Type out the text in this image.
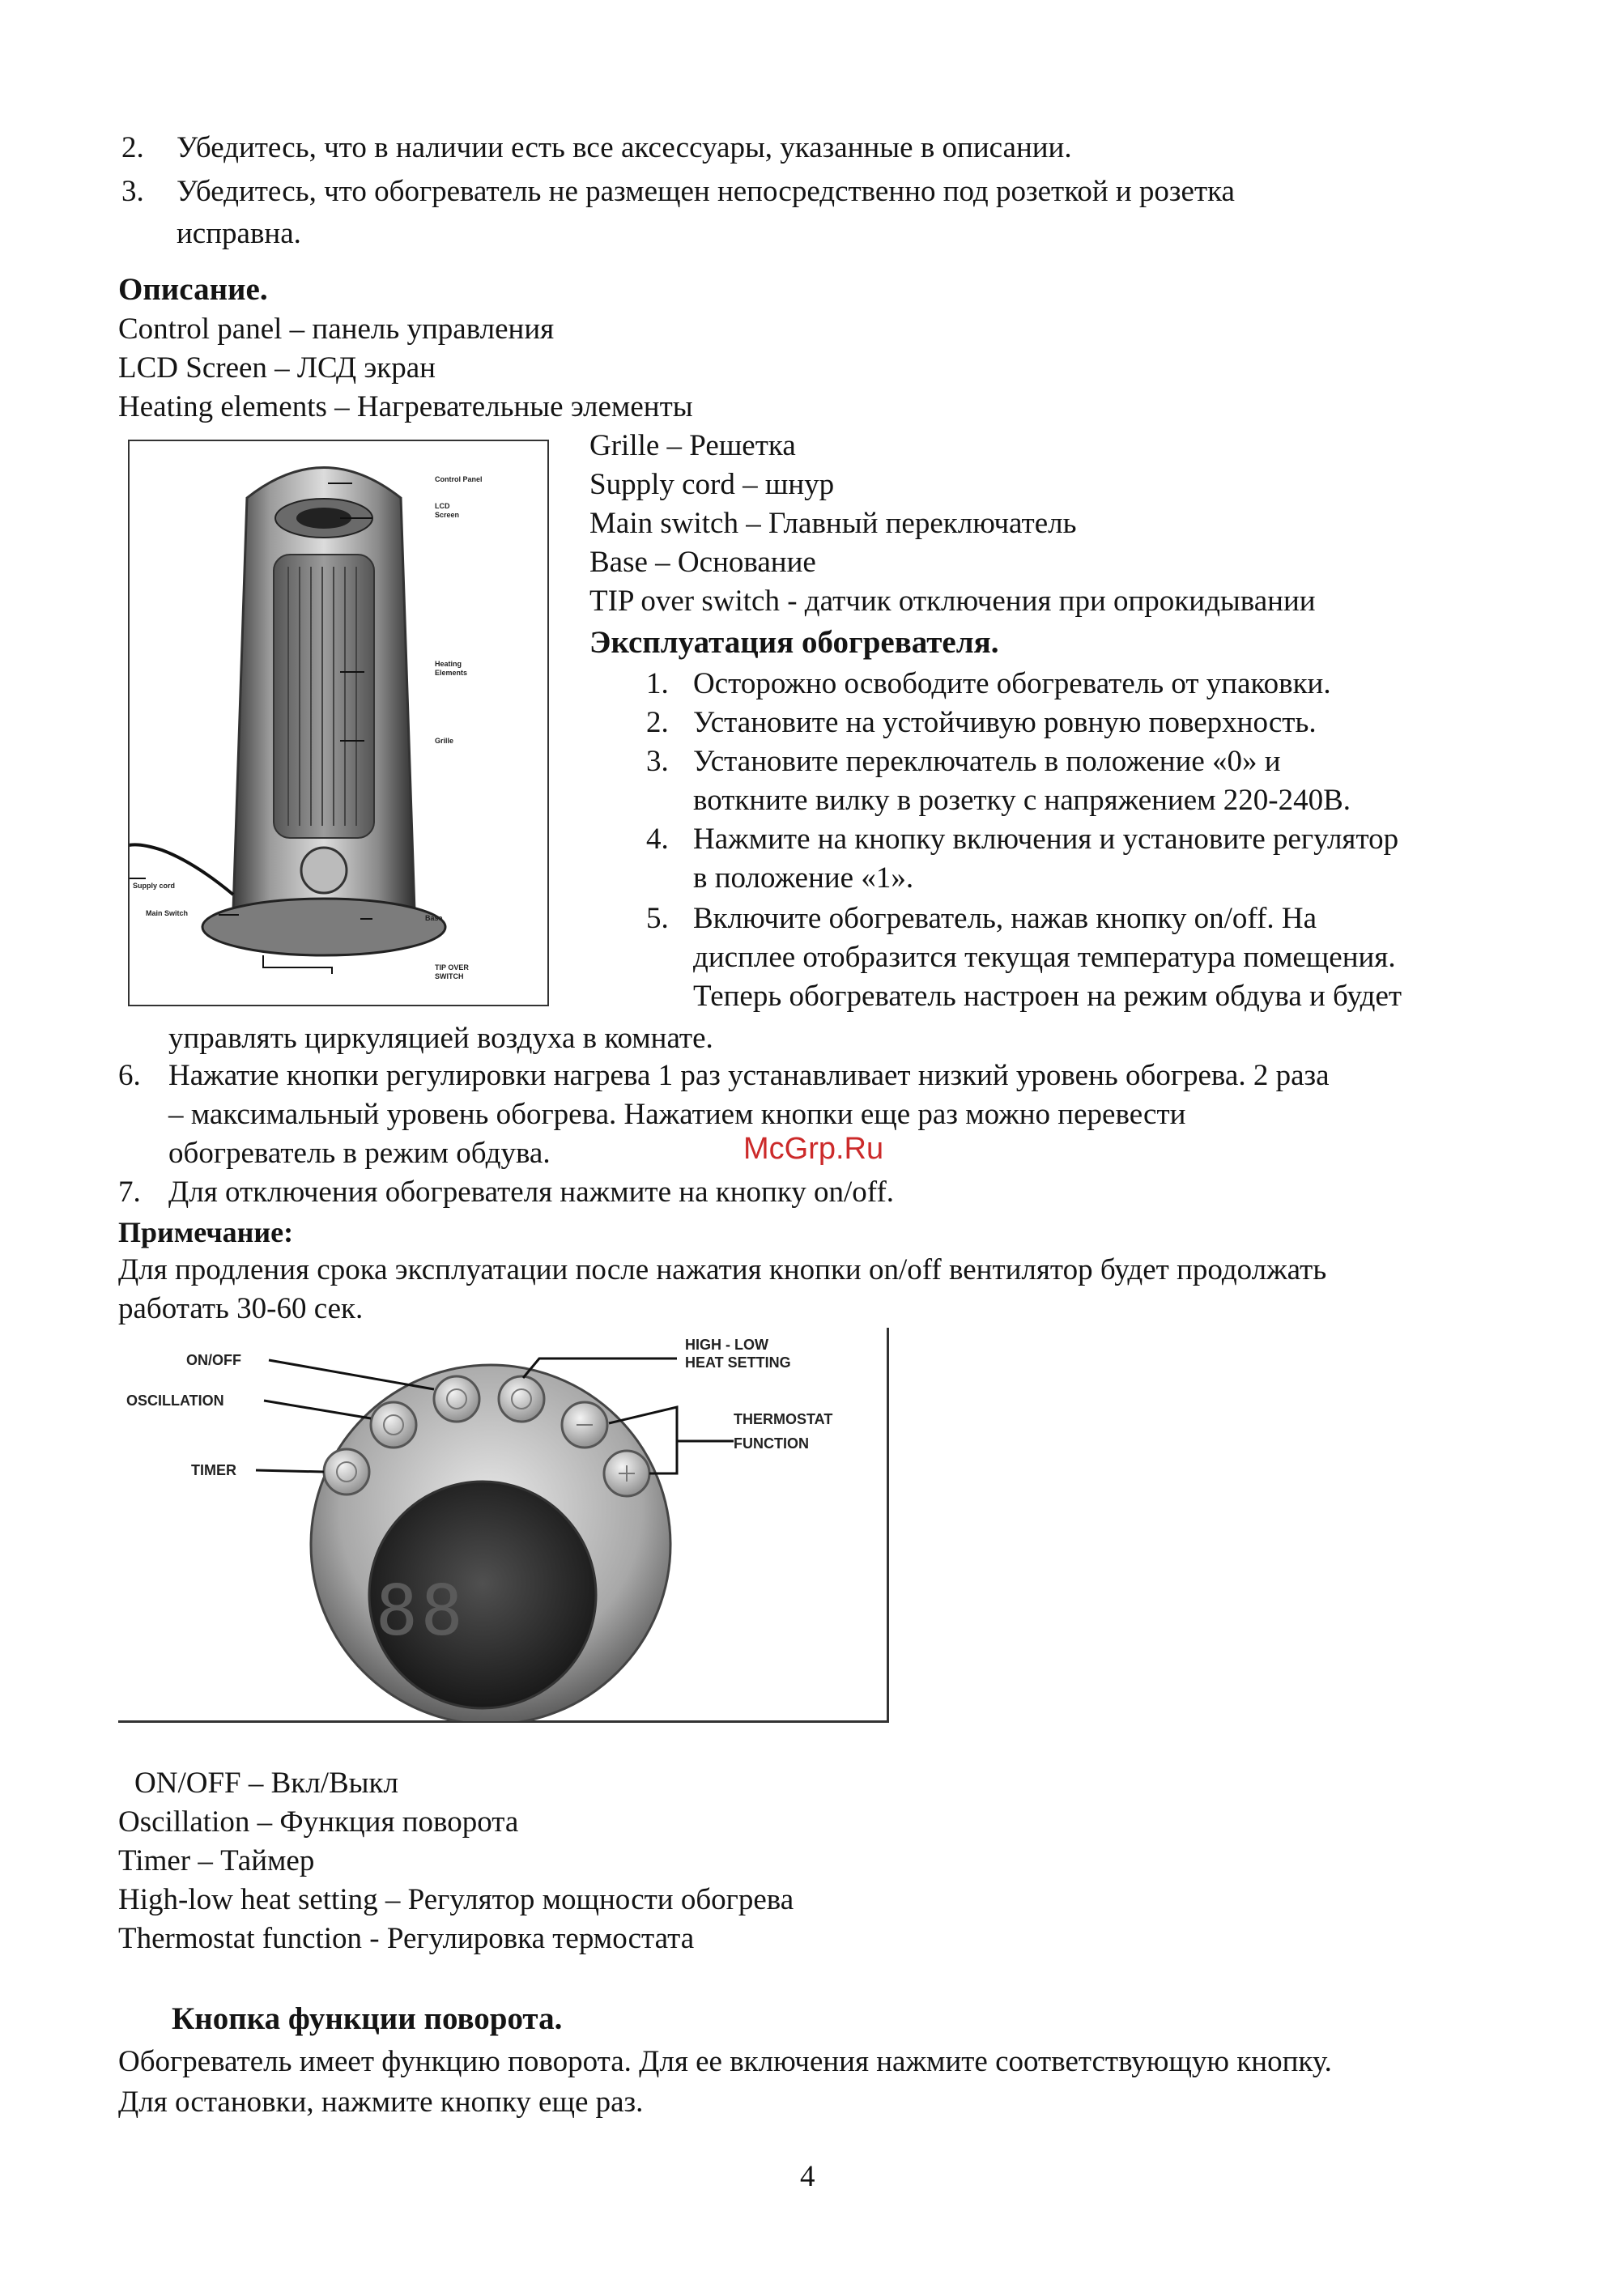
2. Убедитесь, что в наличии есть все аксессуары, указанные в описании.
3. Убедитесь, что обогреватель не размещен непосредственно под розеткой и розетка
исправна.
Описание.
Control panel – панель управления
LCD Screen – ЛСД экран
Heating elements – Нагревательные элементы
Grille – Решетка
Supply cord – шнур
Main switch – Главный переключатель
Base – Основание
TIP over switch - датчик отключения при опрокидывании
Control Panel
LCD
Screen
Heating
Elements
Grille
Supply cord
Main Switch
Base
TIP OVER
SWITCH
Эксплуатация обогревателя.
1. Осторожно освободите обогреватель от упаковки.
2. Установите на устойчивую ровную поверхность.
3. Установите переключатель в положение «0» и
воткните вилку в розетку с напряжением 220-240В.
4. Нажмите на кнопку включения и установите регулятор
в положение «1».
5. Включите обогреватель, нажав кнопку on/off. На
дисплее отобразится текущая температура помещения.
Теперь обогреватель настроен на режим обдува и будет
управлять циркуляцией воздуха в комнате.
6. Нажатие кнопки регулировки нагрева 1 раз устанавливает низкий уровень обогрева. 2 раза
– максимальный уровень обогрева. Нажатием кнопки еще раз можно перевести
обогреватель в режим обдува.	McGrp.Ru
7. Для отключения обогревателя нажмите на кнопку on/off.
Примечание:
Для продления срока эксплуатации после нажатия кнопки on/off вентилятор будет продолжать
работать 30-60 сек.
88
ON/OFF
OSCILLATION
TIMER
HIGH - LOW
HEAT SETTING
THERMOSTAT
FUNCTION
ON/OFF – Вкл/Выкл
Oscillation – Функция поворота
Timer – Таймер
High-low heat setting – Регулятор мощности обогрева
Thermostat function - Регулировка термостата
Кнопка функции поворота.
Обогреватель имеет функцию поворота. Для ее включения нажмите соответствующую кнопку.
Для остановки, нажмите кнопку еще раз.
4
